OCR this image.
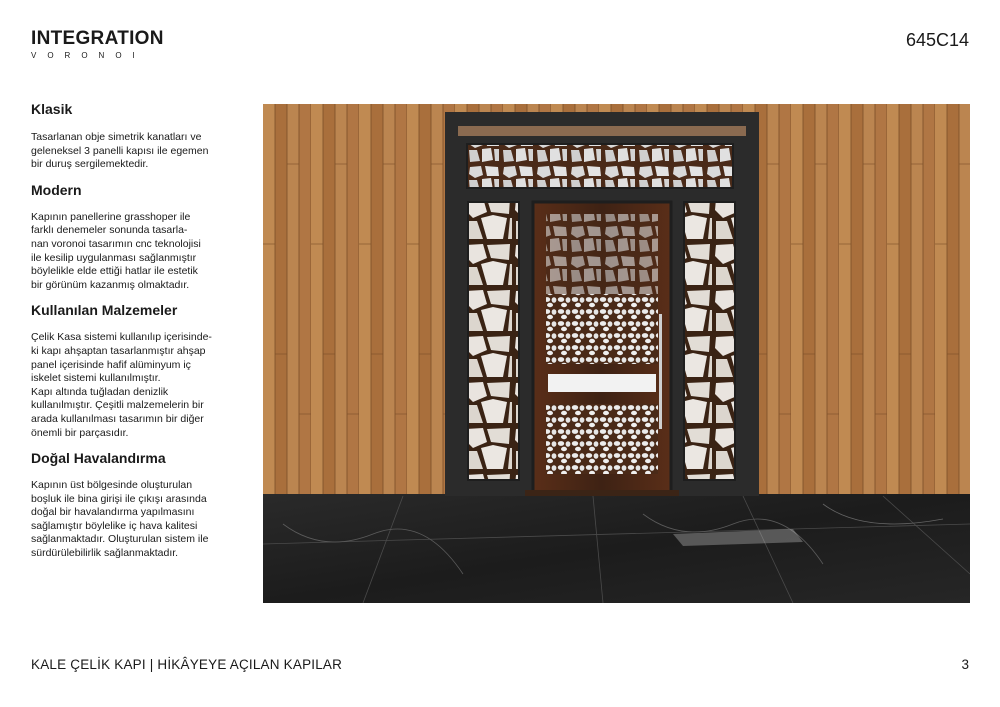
INTEGRATION
VORONOI
645C14
Klasik

Tasarlanan obje simetrik kanatları ve
geleneksel 3 panelli kapısı ile egemen
bir duruş sergilemektedir.

Modern

Kapının panellerine grasshoper ile
farklı denemeler sonunda tasarla-
nan voronoi tasarımın cnc teknolojisi
ile kesilip uygulanması sağlanmıştır
böylelikle elde ettiği hatlar ile estetik
bir görünüm kazanmış olmaktadır.

Kullanılan Malzemeler

Çelik Kasa sistemi kullanılıp içerisinde-
ki kapı ahşaptan tasarlanmıştır ahşap
panel içerisinde hafif alüminyum iç
iskelet sistemi kullanılmıştır.
Kapı altında tuğladan denizlik
kullanılmıştır. Çeşitli malzemelerin bir
arada kullanılması tasarımın bir diğer
önemli bir parçasıdır.

Doğal Havalandırma

Kapının üst bölgesinde oluşturulan
boşluk ile bina girişi ile çıkışı arasında
doğal bir havalandırma yapılmasını
sağlamıştır böylelike iç hava kalitesi
sağlanmaktadır. Oluşturulan sistem ile
sürdürülebilirlik sağlanmaktadır.

KALE ÇELİK KAPI | HİKÂYEYE AÇILAN KAPILAR	3
